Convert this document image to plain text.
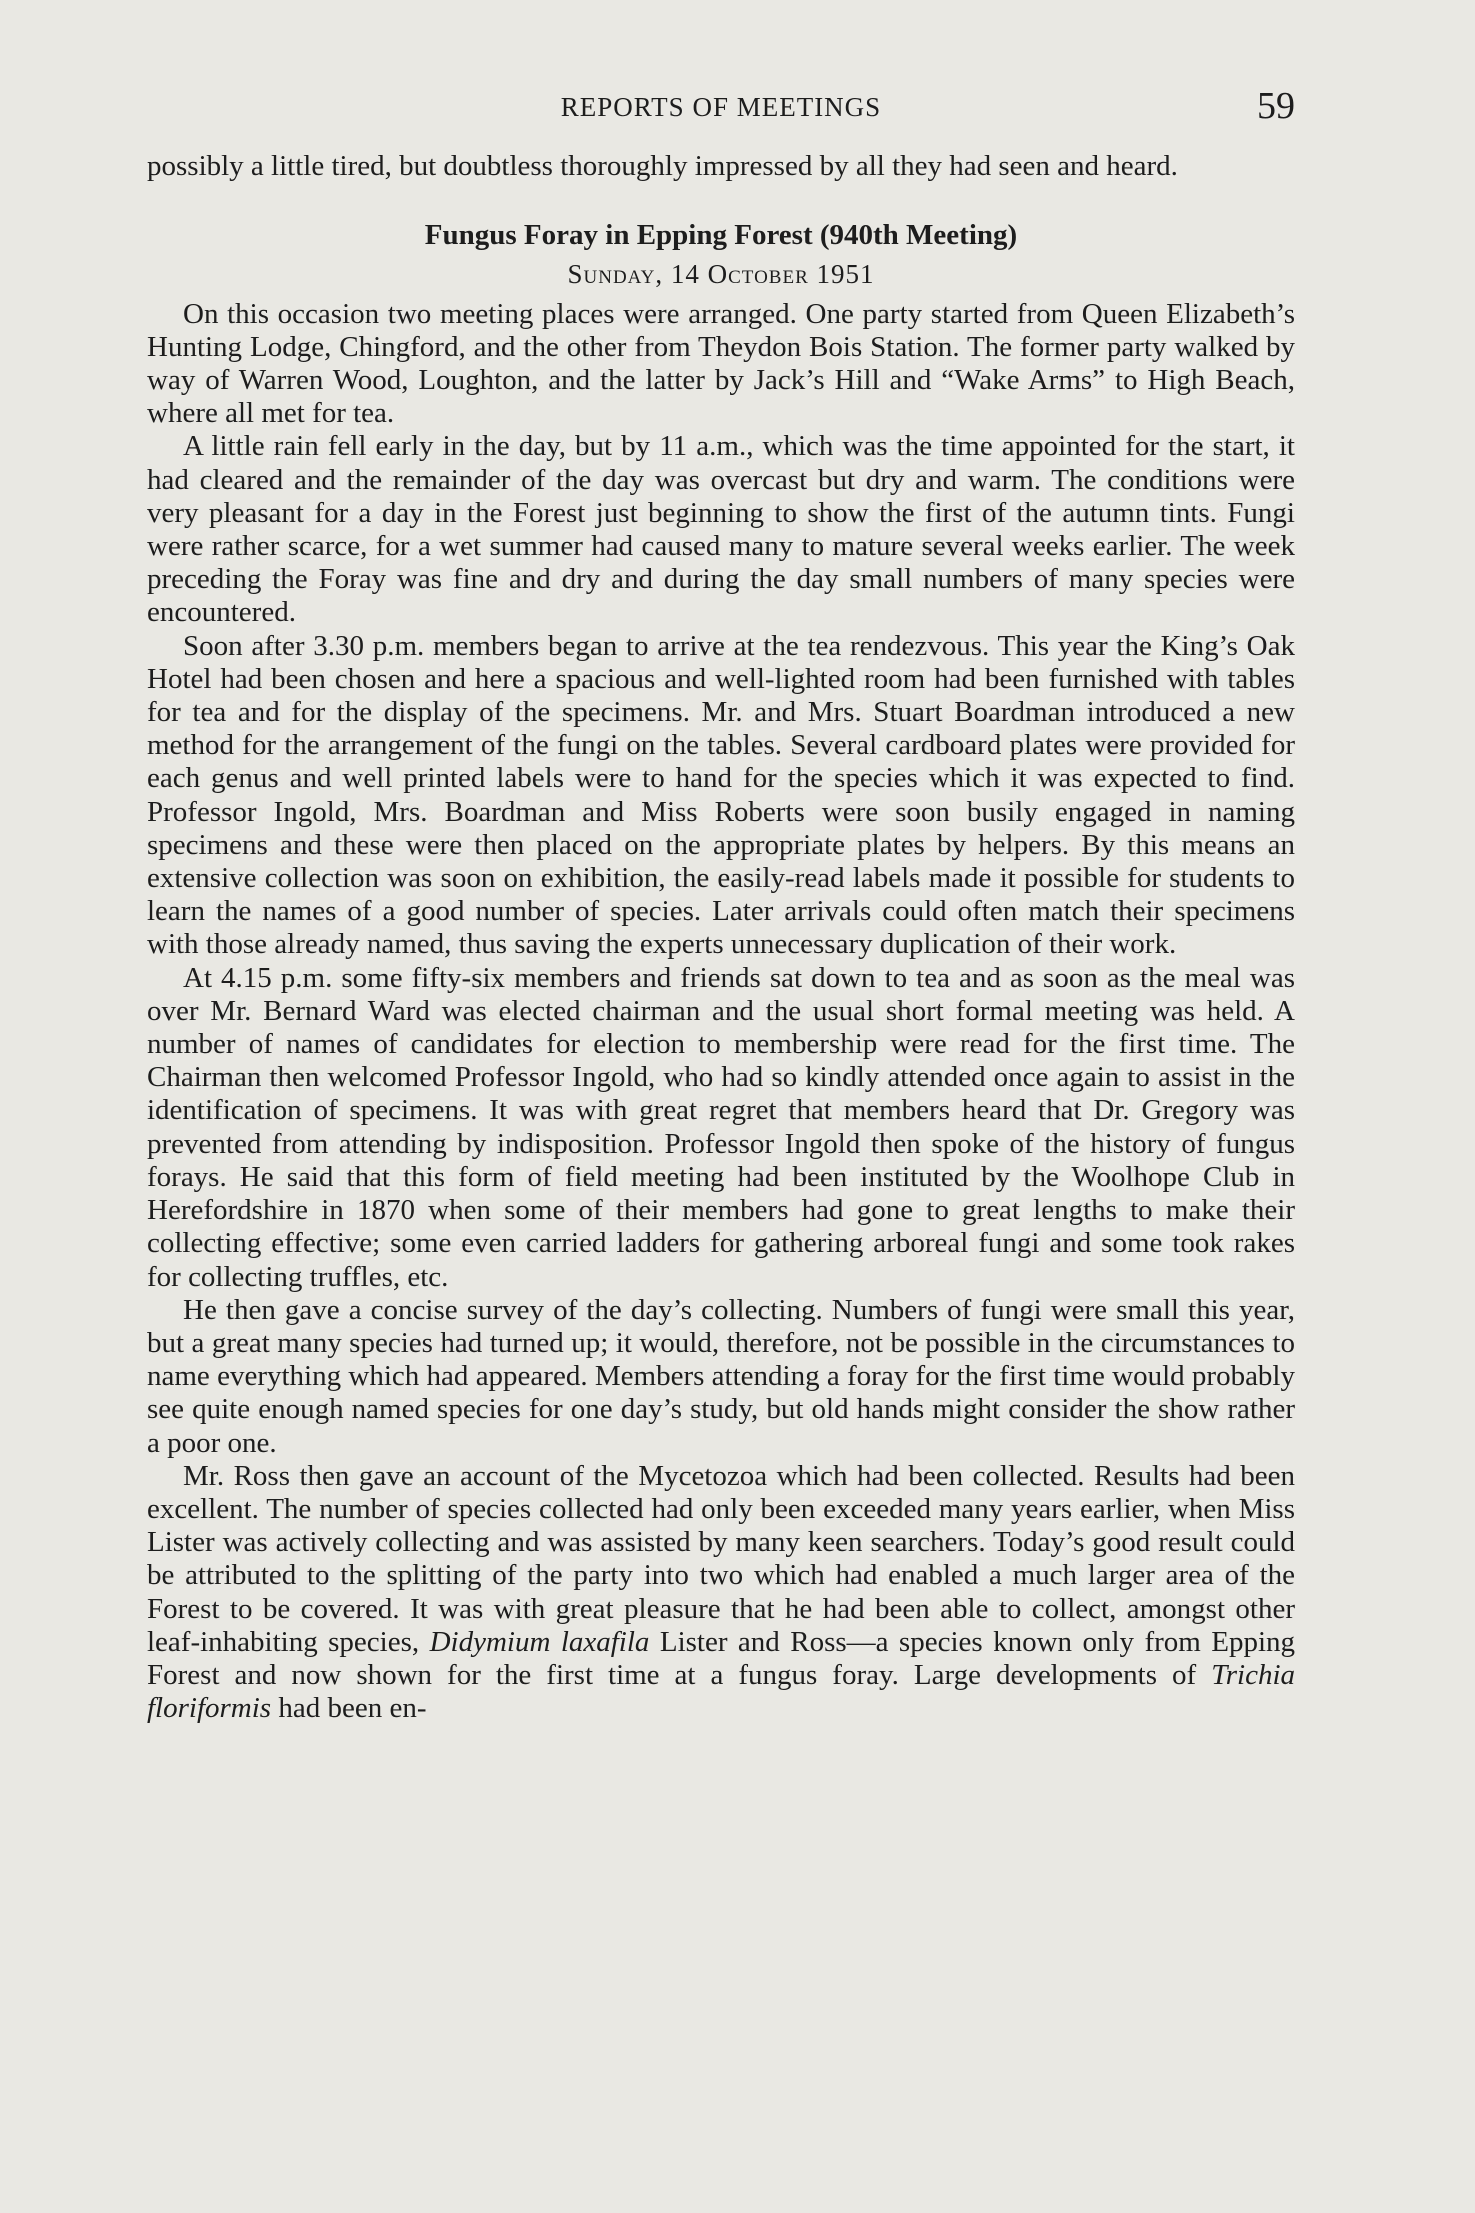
REPORTS OF MEETINGS	59

possibly a little tired, but doubtless thoroughly impressed by all they had seen and heard.

Fungus Foray in Epping Forest (940th Meeting)
Sunday, 14 October 1951

On this occasion two meeting places were arranged. One party started from Queen Elizabeth’s Hunting Lodge, Chingford, and the other from Theydon Bois Station. The former party walked by way of Warren Wood, Loughton, and the latter by Jack’s Hill and “Wake Arms” to High Beach, where all met for tea.

A little rain fell early in the day, but by 11 a.m., which was the time appointed for the start, it had cleared and the remainder of the day was overcast but dry and warm. The conditions were very pleasant for a day in the Forest just beginning to show the first of the autumn tints. Fungi were rather scarce, for a wet summer had caused many to mature several weeks earlier. The week preceding the Foray was fine and dry and during the day small numbers of many species were encountered.

Soon after 3.30 p.m. members began to arrive at the tea rendezvous. This year the King’s Oak Hotel had been chosen and here a spacious and well-lighted room had been furnished with tables for tea and for the display of the specimens. Mr. and Mrs. Stuart Boardman introduced a new method for the arrangement of the fungi on the tables. Several cardboard plates were provided for each genus and well printed labels were to hand for the species which it was expected to find. Professor Ingold, Mrs. Boardman and Miss Roberts were soon busily engaged in naming specimens and these were then placed on the appropriate plates by helpers. By this means an extensive collection was soon on exhibition, the easily-read labels made it possible for students to learn the names of a good number of species. Later arrivals could often match their specimens with those already named, thus saving the experts unnecessary duplication of their work.

At 4.15 p.m. some fifty-six members and friends sat down to tea and as soon as the meal was over Mr. Bernard Ward was elected chairman and the usual short formal meeting was held. A number of names of candidates for election to membership were read for the first time. The Chairman then welcomed Professor Ingold, who had so kindly attended once again to assist in the identification of specimens. It was with great regret that members heard that Dr. Gregory was prevented from attending by indisposition. Professor Ingold then spoke of the history of fungus forays. He said that this form of field meeting had been instituted by the Woolhope Club in Herefordshire in 1870 when some of their members had gone to great lengths to make their collecting effective; some even carried ladders for gathering arboreal fungi and some took rakes for collecting truffles, etc.

He then gave a concise survey of the day’s collecting. Numbers of fungi were small this year, but a great many species had turned up; it would, therefore, not be possible in the circumstances to name everything which had appeared. Members attending a foray for the first time would probably see quite enough named species for one day’s study, but old hands might consider the show rather a poor one.

Mr. Ross then gave an account of the Mycetozoa which had been collected. Results had been excellent. The number of species collected had only been exceeded many years earlier, when Miss Lister was actively collecting and was assisted by many keen searchers. Today’s good result could be attributed to the splitting of the party into two which had enabled a much larger area of the Forest to be covered. It was with great pleasure that he had been able to collect, amongst other leaf-inhabiting species, Didymium laxafila Lister and Ross—a species known only from Epping Forest and now shown for the first time at a fungus foray. Large developments of Trichia floriformis had been en-
